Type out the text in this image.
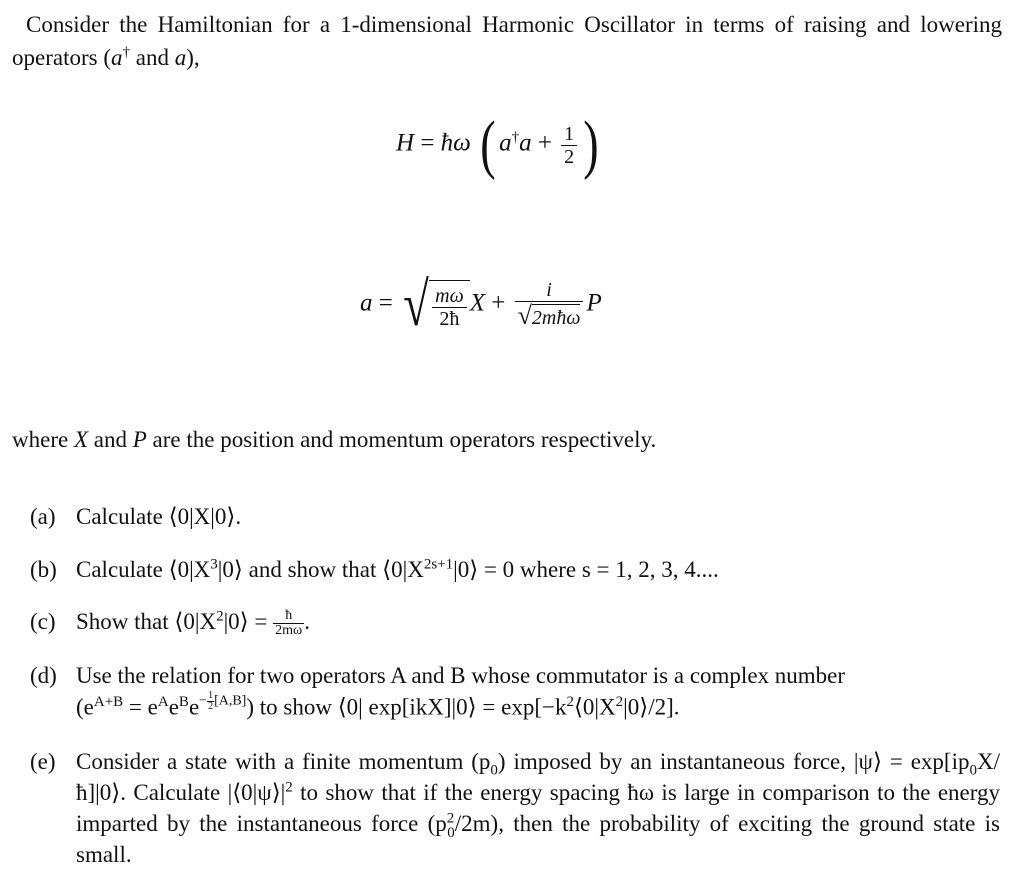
Consider the Hamiltonian for a 1-dimensional Harmonic Oscillator in terms of raising and lowering operators (a† and a),
H = ħω ( $a^\dagger a + \frac{1}{2}$ )
a = √ $\frac{m\omega}{2ħ}$ $X + \frac{i}{\text{√2mħω}}$ P
where X and P are the position and momentum operators respectively.
(a) Calculate ⟨0|X|0⟩.
(b) Calculate $⟨0|X^3|0⟩$ and show that $⟨0|X^{2s+1}|0⟩ = 0$ where s = 1, 2, 3, 4....
(c) Show that $⟨0|X^2|0⟩ = \frac{ħ}{2m\omega}$ .
(d) Use the relation for two operators A and B whose commutator is a complex number
$(e^{A+B} = e^Ae^Be- \frac{1}{2} [A,B])$ to show ⟨0| exp[ikX]|0⟩ = $\exp[-k^2⟨0|X^2|0⟩/2]$.
(e) Consider a state with a finite momentum $(p_0)$ imposed by an instantaneous force, |ψ⟩ = $\exp[ip_0X/ħ]|0⟩$. Calculate $|⟨0|\psi⟩|^2$ to show that if the energy spacing ħω is large in comparison to the energy imparted by the instantaneous force $(p^2_0/2m)$, then the probability of exciting the ground state is small.
